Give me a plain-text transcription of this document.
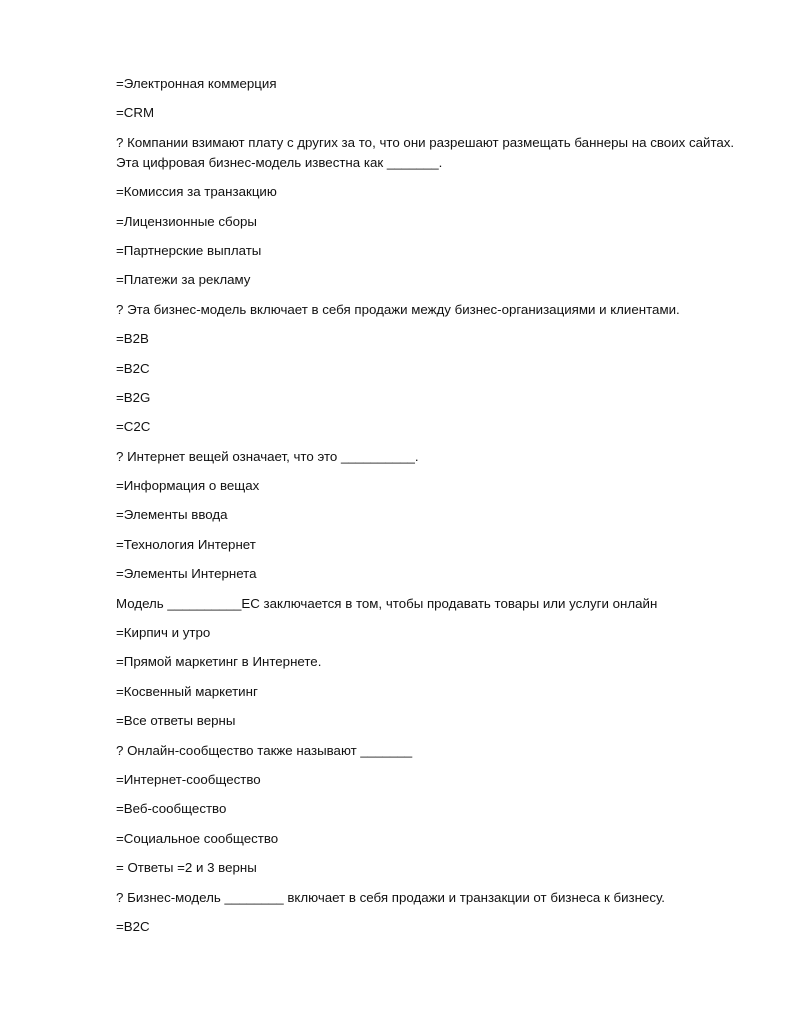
=Электронная коммерция

=CRM

? Компании взимают плату с других за то, что они разрешают размещать баннеры на своих сайтах. Эта цифровая бизнес-модель известна как _______.

=Комиссия за транзакцию

=Лицензионные сборы

=Партнерские выплаты

=Платежи за рекламу

? Эта бизнес-модель включает в себя продажи между бизнес-организациями и клиентами.

=B2B

=B2C

=B2G

=C2C

? Интернет вещей означает, что это __________.

=Информация о вещах

=Элементы ввода

=Технология Интернет

=Элементы Интернета

Модель __________EC заключается в том, чтобы продавать товары или услуги онлайн

=Кирпич и утро

=Прямой маркетинг в Интернете.

=Косвенный маркетинг

=Все ответы верны

? Онлайн-сообщество также называют _______

=Интернет-сообщество

=Веб-сообщество

=Социальное сообщество

= Ответы =2 и 3 верны

? Бизнес-модель ________ включает в себя продажи и транзакции от бизнеса к бизнесу.

=B2C
